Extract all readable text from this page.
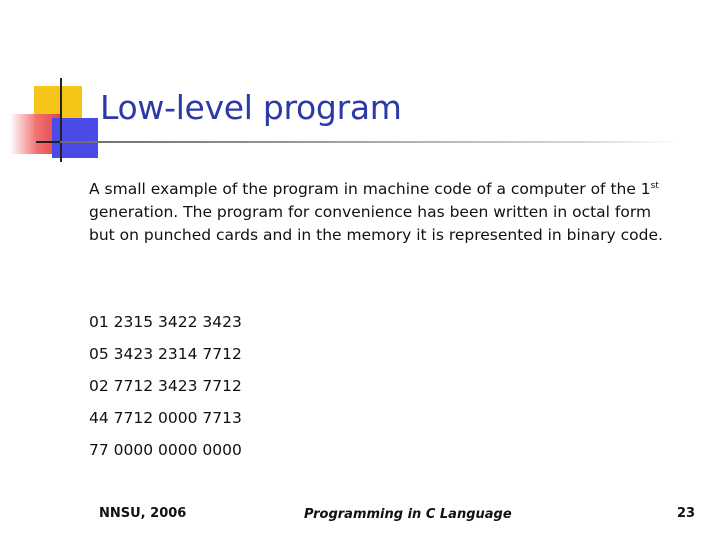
Low-level program
A small example of the program in machine code of a computer of the 1st generation. The program for convenience has been written in octal form but on punched cards and in the memory it is represented in binary code.
01 2315 3422 3423
05 3423 2314 7712
02 7712 3423 7712
44 7712 0000 7713
77 0000 0000 0000
NNSU, 2006	Programming in C Language	23
